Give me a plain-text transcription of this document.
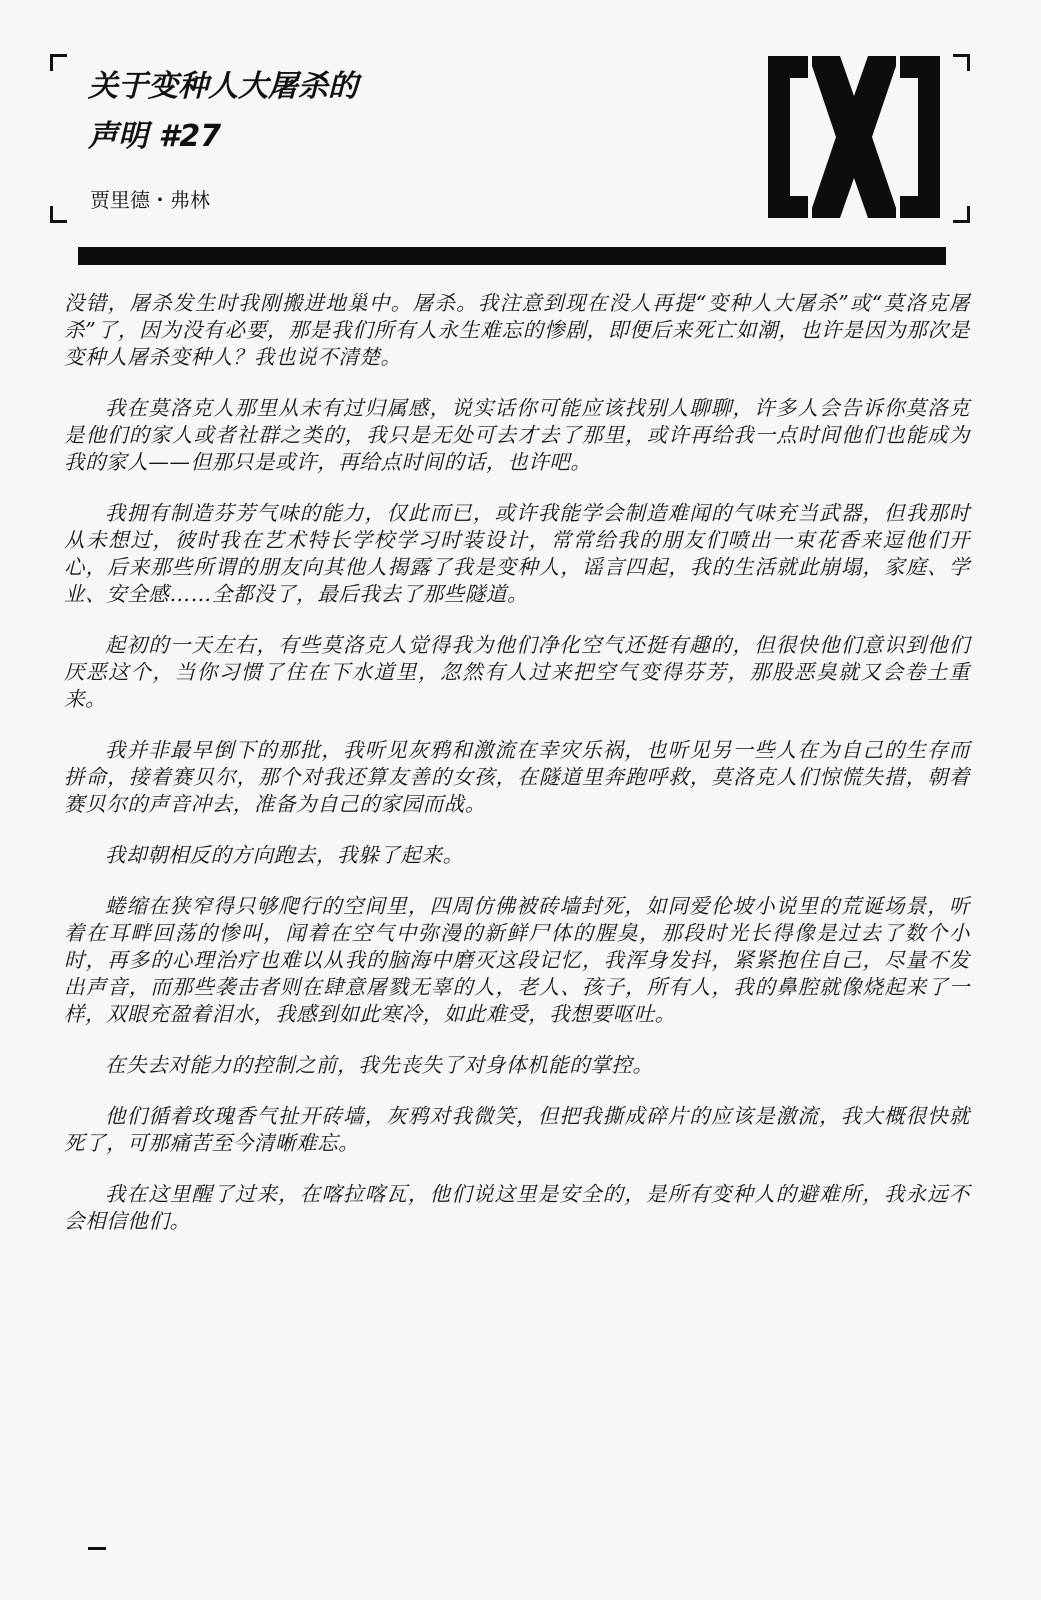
关于变种人大屠杀的
声明 #27
贾里德・弗林

没错，屠杀发生时我刚搬进地巢中。屠杀。我注意到现在没人再提“变种人大屠杀”或“莫洛克屠杀”了，因为没有必要，那是我们所有人永生难忘的惨剧，即便后来死亡如潮，也许是因为那次是变种人屠杀变种人？我也说不清楚。

我在莫洛克人那里从未有过归属感，说实话你可能应该找别人聊聊，许多人会告诉你莫洛克是他们的家人或者社群之类的，我只是无处可去才去了那里，或许再给我一点时间他们也能成为我的家人——但那只是或许，再给点时间的话，也许吧。

我拥有制造芬芳气味的能力，仅此而已，或许我能学会制造难闻的气味充当武器，但我那时从未想过，彼时我在艺术特长学校学习时装设计，常常给我的朋友们喷出一束花香来逗他们开心，后来那些所谓的朋友向其他人揭露了我是变种人，谣言四起，我的生活就此崩塌，家庭、学业、安全感……全都没了，最后我去了那些隧道。

起初的一天左右，有些莫洛克人觉得我为他们净化空气还挺有趣的，但很快他们意识到他们厌恶这个，当你习惯了住在下水道里，忽然有人过来把空气变得芬芳，那股恶臭就又会卷土重来。

我并非最早倒下的那批，我听见灰鸦和激流在幸灾乐祸，也听见另一些人在为自己的生存而拼命，接着赛贝尔，那个对我还算友善的女孩，在隧道里奔跑呼救，莫洛克人们惊慌失措，朝着赛贝尔的声音冲去，准备为自己的家园而战。

我却朝相反的方向跑去，我躲了起来。

蜷缩在狭窄得只够爬行的空间里，四周仿佛被砖墙封死，如同爱伦坡小说里的荒诞场景，听着在耳畔回荡的惨叫，闻着在空气中弥漫的新鲜尸体的腥臭，那段时光长得像是过去了数个小时，再多的心理治疗也难以从我的脑海中磨灭这段记忆，我浑身发抖，紧紧抱住自己，尽量不发出声音，而那些袭击者则在肆意屠戮无辜的人，老人、孩子，所有人，我的鼻腔就像烧起来了一样，双眼充盈着泪水，我感到如此寒冷，如此难受，我想要呕吐。

在失去对能力的控制之前，我先丧失了对身体机能的掌控。

他们循着玫瑰香气扯开砖墙，灰鸦对我微笑，但把我撕成碎片的应该是激流，我大概很快就死了，可那痛苦至今清晰难忘。

我在这里醒了过来，在喀拉喀瓦，他们说这里是安全的，是所有变种人的避难所，我永远不会相信他们。
